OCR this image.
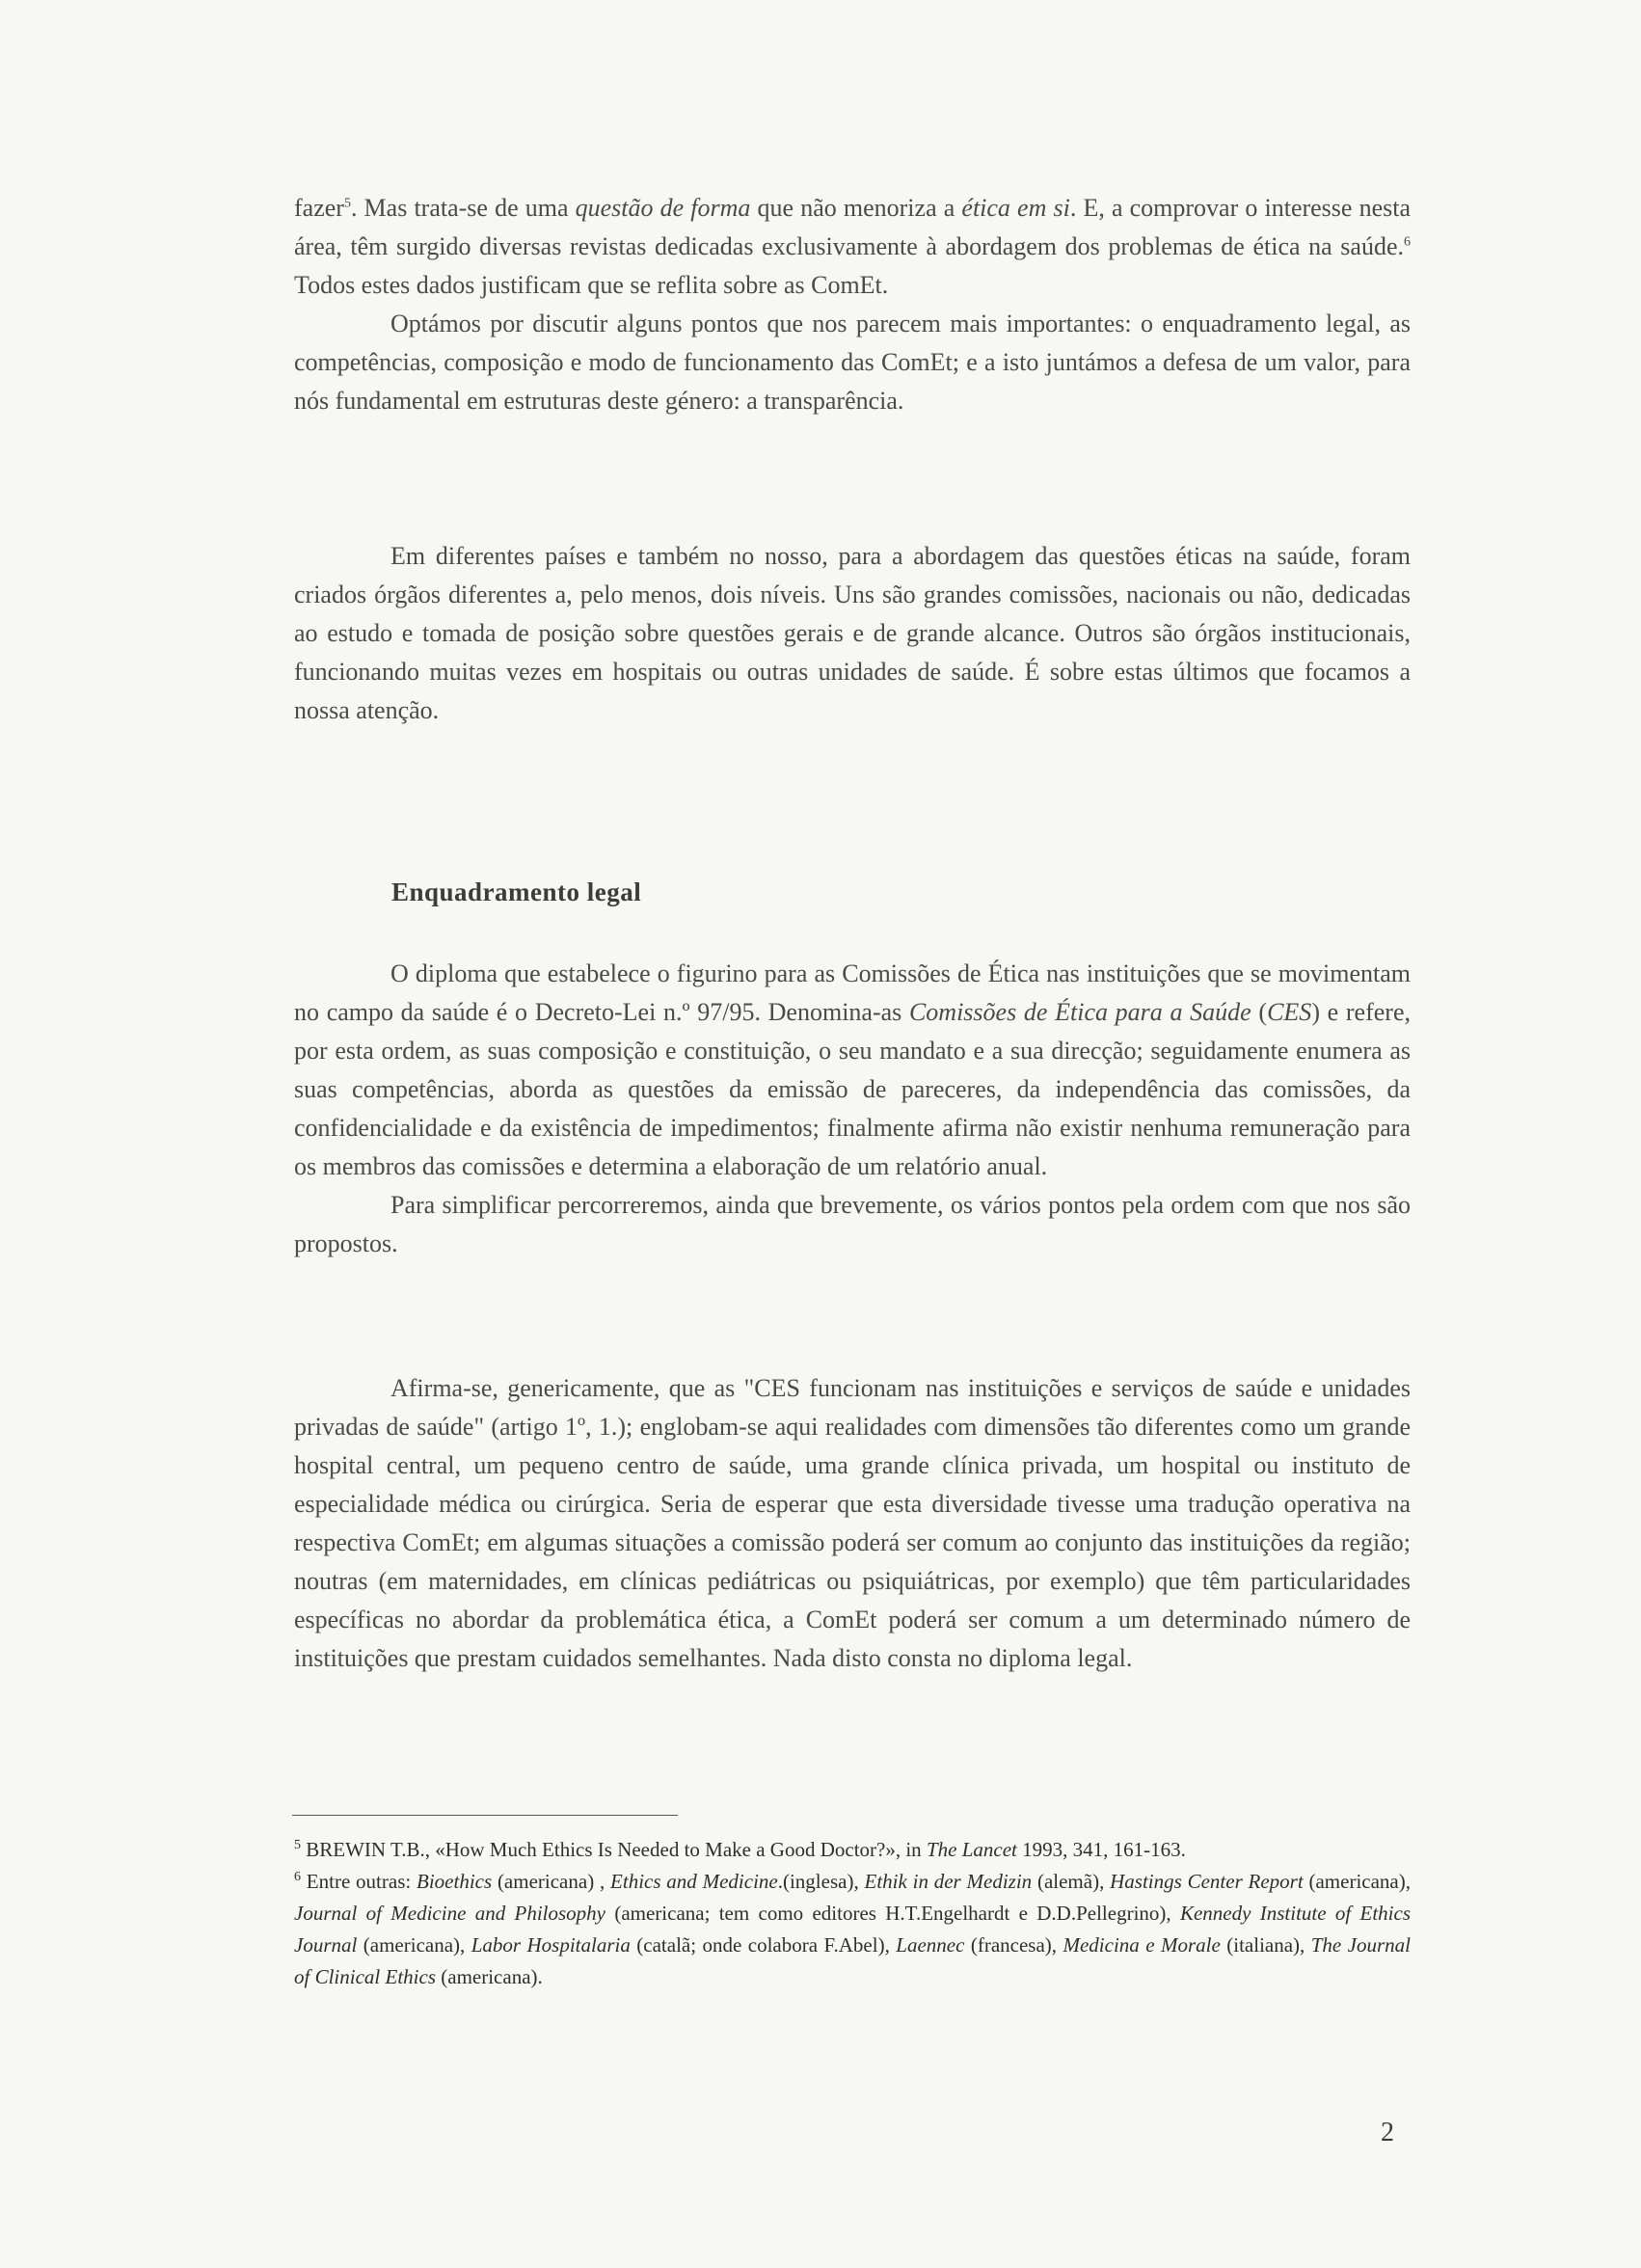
fazer$^5$. Mas trata-se de uma questão de forma que não menoriza a ética em si. E, a comprovar o interesse nesta área, têm surgido diversas revistas dedicadas exclusivamente à abordagem dos problemas de ética na saúde.$^6$ Todos estes dados justificam que se reflita sobre as ComEt.

Optámos por discutir alguns pontos que nos parecem mais importantes: o enquadramento legal, as competências, composição e modo de funcionamento das ComEt; e a isto juntámos a defesa de um valor, para nós fundamental em estruturas deste género: a transparência.

Em diferentes países e também no nosso, para a abordagem das questões éticas na saúde, foram criados órgãos diferentes a, pelo menos, dois níveis. Uns são grandes comissões, nacionais ou não, dedicadas ao estudo e tomada de posição sobre questões gerais e de grande alcance. Outros são órgãos institucionais, funcionando muitas vezes em hospitais ou outras unidades de saúde. É sobre estas últimos que focamos a nossa atenção.

Enquadramento legal

O diploma que estabelece o figurino para as Comissões de Ética nas instituições que se movimentam no campo da saúde é o Decreto-Lei n.º 97/95. Denomina-as Comissões de Ética para a Saúde (CES) e refere, por esta ordem, as suas composição e constituição, o seu mandato e a sua direcção; seguidamente enumera as suas competências, aborda as questões da emissão de pareceres, da independência das comissões, da confidencialidade e da existência de impedimentos; finalmente afirma não existir nenhuma remuneração para os membros das comissões e determina a elaboração de um relatório anual.

Para simplificar percorreremos, ainda que brevemente, os vários pontos pela ordem com que nos são propostos.

Afirma-se, genericamente, que as "CES funcionam nas instituições e serviços de saúde e unidades privadas de saúde" (artigo 1º, 1.); englobam-se aqui realidades com dimensões tão diferentes como um grande hospital central, um pequeno centro de saúde, uma grande clínica privada, um hospital ou instituto de especialidade médica ou cirúrgica. Seria de esperar que esta diversidade tivesse uma tradução operativa na respectiva ComEt; em algumas situações a comissão poderá ser comum ao conjunto das instituições da região; noutras (em maternidades, em clínicas pediátricas ou psiquiátricas, por exemplo) que têm particularidades específicas no abordar da problemática ética, a ComEt poderá ser comum a um determinado número de instituições que prestam cuidados semelhantes. Nada disto consta no diploma legal.

$^5$ BREWIN T.B., «How Much Ethics Is Needed to Make a Good Doctor?», in The Lancet 1993, 341, 161-163.

$^6$ Entre outras: Bioethics (americana) , Ethics and Medicine.(inglesa), Ethik in der Medizin (alemã), Hastings Center Report (americana), Journal of Medicine and Philosophy (americana; tem como editores H.T.Engelhardt e D.D.Pellegrino), Kennedy Institute of Ethics Journal (americana), Labor Hospitalaria (catalã; onde colabora F.Abel), Laennec (francesa), Medicina e Morale (italiana), The Journal of Clinical Ethics (americana).

2
